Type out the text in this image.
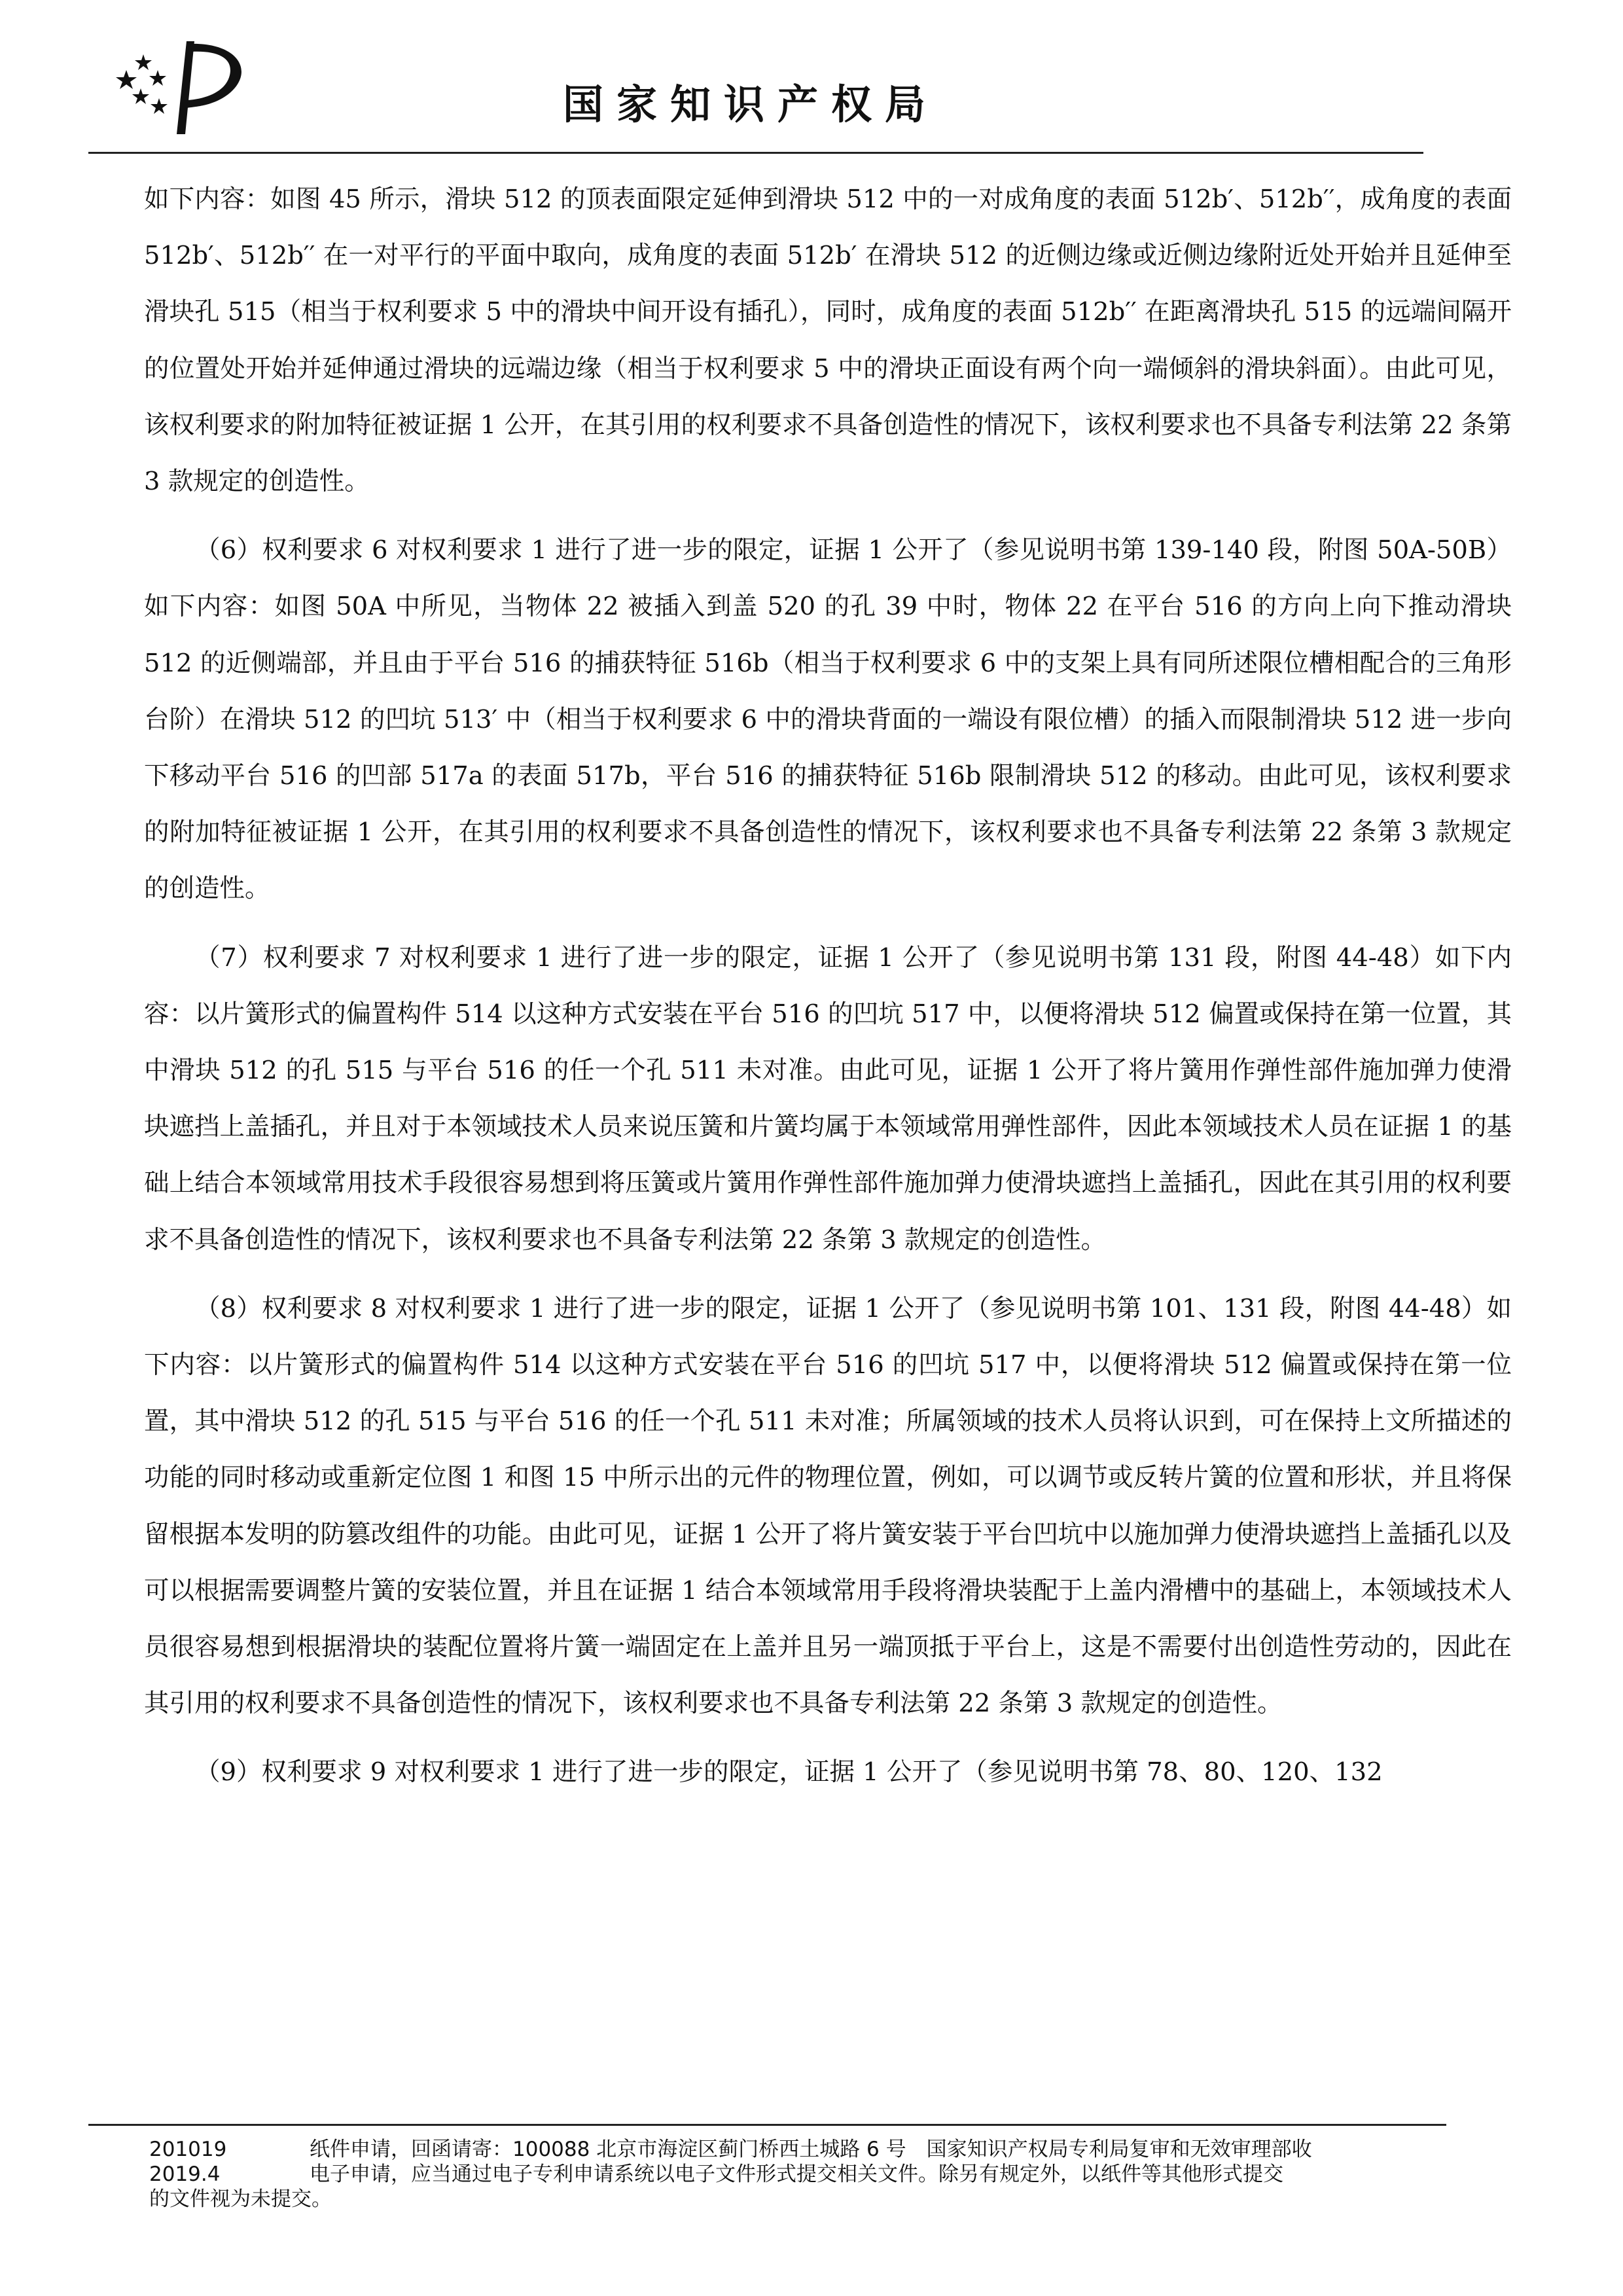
国家知识产权局

如下内容：如图 45 所示，滑块 512 的顶表面限定延伸到滑块 512 中的一对成角度的表面 512b′、512b′′，成角度的表面 512b′、512b′′ 在一对平行的平面中取向，成角度的表面 512b′ 在滑块 512 的近侧边缘或近侧边缘附近处开始并且延伸至滑块孔 515（相当于权利要求 5 中的滑块中间开设有插孔），同时，成角度的表面 512b′′ 在距离滑块孔 515 的远端间隔开的位置处开始并延伸通过滑块的远端边缘（相当于权利要求 5 中的滑块正面设有两个向一端倾斜的滑块斜面）。由此可见，该权利要求的附加特征被证据 1 公开，在其引用的权利要求不具备创造性的情况下，该权利要求也不具备专利法第 22 条第 3 款规定的创造性。

（6）权利要求 6 对权利要求 1 进行了进一步的限定，证据 1 公开了（参见说明书第 139-140 段，附图 50A-50B）如下内容：如图 50A 中所见，当物体 22 被插入到盖 520 的孔 39 中时，物体 22 在平台 516 的方向上向下推动滑块 512 的近侧端部，并且由于平台 516 的捕获特征 516b（相当于权利要求 6 中的支架上具有同所述限位槽相配合的三角形台阶）在滑块 512 的凹坑 513′ 中（相当于权利要求 6 中的滑块背面的一端设有限位槽）的插入而限制滑块 512 进一步向下移动平台 516 的凹部 517a 的表面 517b，平台 516 的捕获特征 516b 限制滑块 512 的移动。由此可见，该权利要求的附加特征被证据 1 公开，在其引用的权利要求不具备创造性的情况下，该权利要求也不具备专利法第 22 条第 3 款规定的创造性。

（7）权利要求 7 对权利要求 1 进行了进一步的限定，证据 1 公开了（参见说明书第 131 段，附图 44-48）如下内容：以片簧形式的偏置构件 514 以这种方式安装在平台 516 的凹坑 517 中，以便将滑块 512 偏置或保持在第一位置，其中滑块 512 的孔 515 与平台 516 的任一个孔 511 未对准。由此可见，证据 1 公开了将片簧用作弹性部件施加弹力使滑块遮挡上盖插孔，并且对于本领域技术人员来说压簧和片簧均属于本领域常用弹性部件，因此本领域技术人员在证据 1 的基础上结合本领域常用技术手段很容易想到将压簧或片簧用作弹性部件施加弹力使滑块遮挡上盖插孔，因此在其引用的权利要求不具备创造性的情况下，该权利要求也不具备专利法第 22 条第 3 款规定的创造性。

（8）权利要求 8 对权利要求 1 进行了进一步的限定，证据 1 公开了（参见说明书第 101、131 段，附图 44-48）如下内容：以片簧形式的偏置构件 514 以这种方式安装在平台 516 的凹坑 517 中，以便将滑块 512 偏置或保持在第一位置，其中滑块 512 的孔 515 与平台 516 的任一个孔 511 未对准；所属领域的技术人员将认识到，可在保持上文所描述的功能的同时移动或重新定位图 1 和图 15 中所示出的元件的物理位置，例如，可以调节或反转片簧的位置和形状，并且将保留根据本发明的防篡改组件的功能。由此可见，证据 1 公开了将片簧安装于平台凹坑中以施加弹力使滑块遮挡上盖插孔以及可以根据需要调整片簧的安装位置，并且在证据 1 结合本领域常用手段将滑块装配于上盖内滑槽中的基础上，本领域技术人员很容易想到根据滑块的装配位置将片簧一端固定在上盖并且另一端顶抵于平台上，这是不需要付出创造性劳动的，因此在其引用的权利要求不具备创造性的情况下，该权利要求也不具备专利法第 22 条第 3 款规定的创造性。

（9）权利要求 9 对权利要求 1 进行了进一步的限定，证据 1 公开了（参见说明书第 78、80、120、132

201019	纸件申请，回函请寄：100088 北京市海淀区蓟门桥西土城路 6 号　国家知识产权局专利局复审和无效审理部收
2019.4	电子申请，应当通过电子专利申请系统以电子文件形式提交相关文件。除另有规定外，以纸件等其他形式提交
的文件视为未提交。
